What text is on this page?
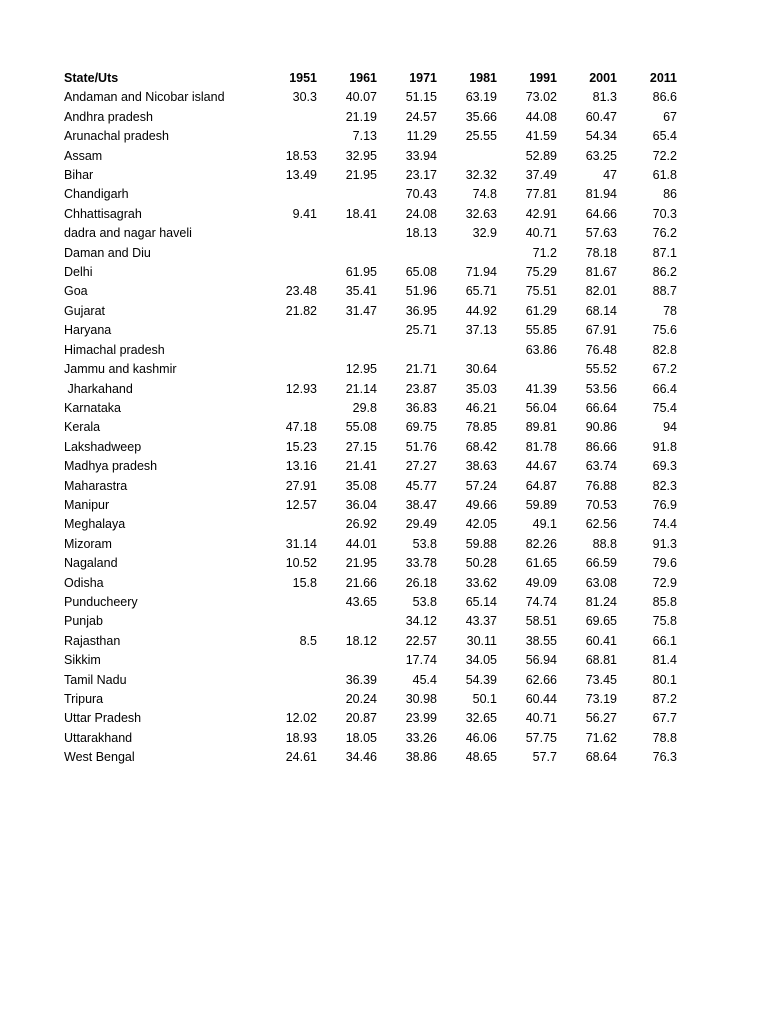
State/Uts	1951	1961	1971	1981	1991	2001	2011
Andaman and Nicobar island	30.3	40.07	51.15	63.19	73.02	81.3	86.6
Andhra pradesh		21.19	24.57	35.66	44.08	60.47	67
Arunachal pradesh		7.13	11.29	25.55	41.59	54.34	65.4
Assam	18.53	32.95	33.94		52.89	63.25	72.2
Bihar	13.49	21.95	23.17	32.32	37.49	47	61.8
Chandigarh			70.43	74.8	77.81	81.94	86
Chhattisagrah	9.41	18.41	24.08	32.63	42.91	64.66	70.3
dadra and nagar haveli			18.13	32.9	40.71	57.63	76.2
Daman and Diu					71.2	78.18	87.1
Delhi		61.95	65.08	71.94	75.29	81.67	86.2
Goa	23.48	35.41	51.96	65.71	75.51	82.01	88.7
Gujarat	21.82	31.47	36.95	44.92	61.29	68.14	78
Haryana			25.71	37.13	55.85	67.91	75.6
Himachal pradesh					63.86	76.48	82.8
Jammu and kashmir		12.95	21.71	30.64		55.52	67.2
Jharkahand	12.93	21.14	23.87	35.03	41.39	53.56	66.4
Karnataka		29.8	36.83	46.21	56.04	66.64	75.4
Kerala	47.18	55.08	69.75	78.85	89.81	90.86	94
Lakshadweep	15.23	27.15	51.76	68.42	81.78	86.66	91.8
Madhya pradesh	13.16	21.41	27.27	38.63	44.67	63.74	69.3
Maharastra	27.91	35.08	45.77	57.24	64.87	76.88	82.3
Manipur	12.57	36.04	38.47	49.66	59.89	70.53	76.9
Meghalaya		26.92	29.49	42.05	49.1	62.56	74.4
Mizoram	31.14	44.01	53.8	59.88	82.26	88.8	91.3
Nagaland	10.52	21.95	33.78	50.28	61.65	66.59	79.6
Odisha	15.8	21.66	26.18	33.62	49.09	63.08	72.9
Punducheery		43.65	53.8	65.14	74.74	81.24	85.8
Punjab			34.12	43.37	58.51	69.65	75.8
Rajasthan	8.5	18.12	22.57	30.11	38.55	60.41	66.1
Sikkim			17.74	34.05	56.94	68.81	81.4
Tamil Nadu		36.39	45.4	54.39	62.66	73.45	80.1
Tripura		20.24	30.98	50.1	60.44	73.19	87.2
Uttar Pradesh	12.02	20.87	23.99	32.65	40.71	56.27	67.7
Uttarakhand	18.93	18.05	33.26	46.06	57.75	71.62	78.8
West Bengal	24.61	34.46	38.86	48.65	57.7	68.64	76.3
